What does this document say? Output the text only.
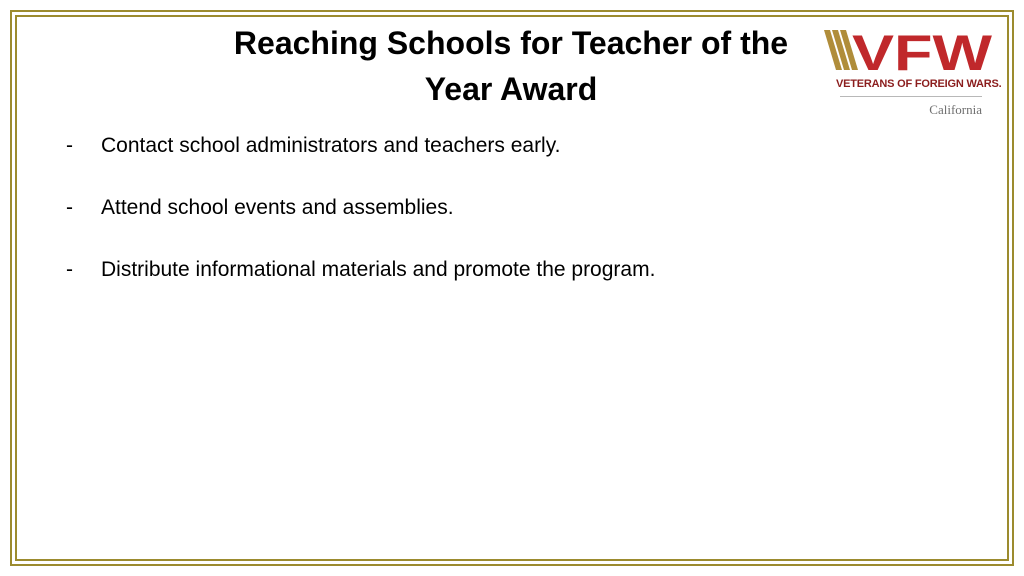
Reaching Schools for Teacher of the Year Award
-	Contact school administrators and teachers early.
-	Attend school events and assemblies.
-	Distribute informational materials and promote the program.
VFW
VETERANS OF FOREIGN WARS.
California
